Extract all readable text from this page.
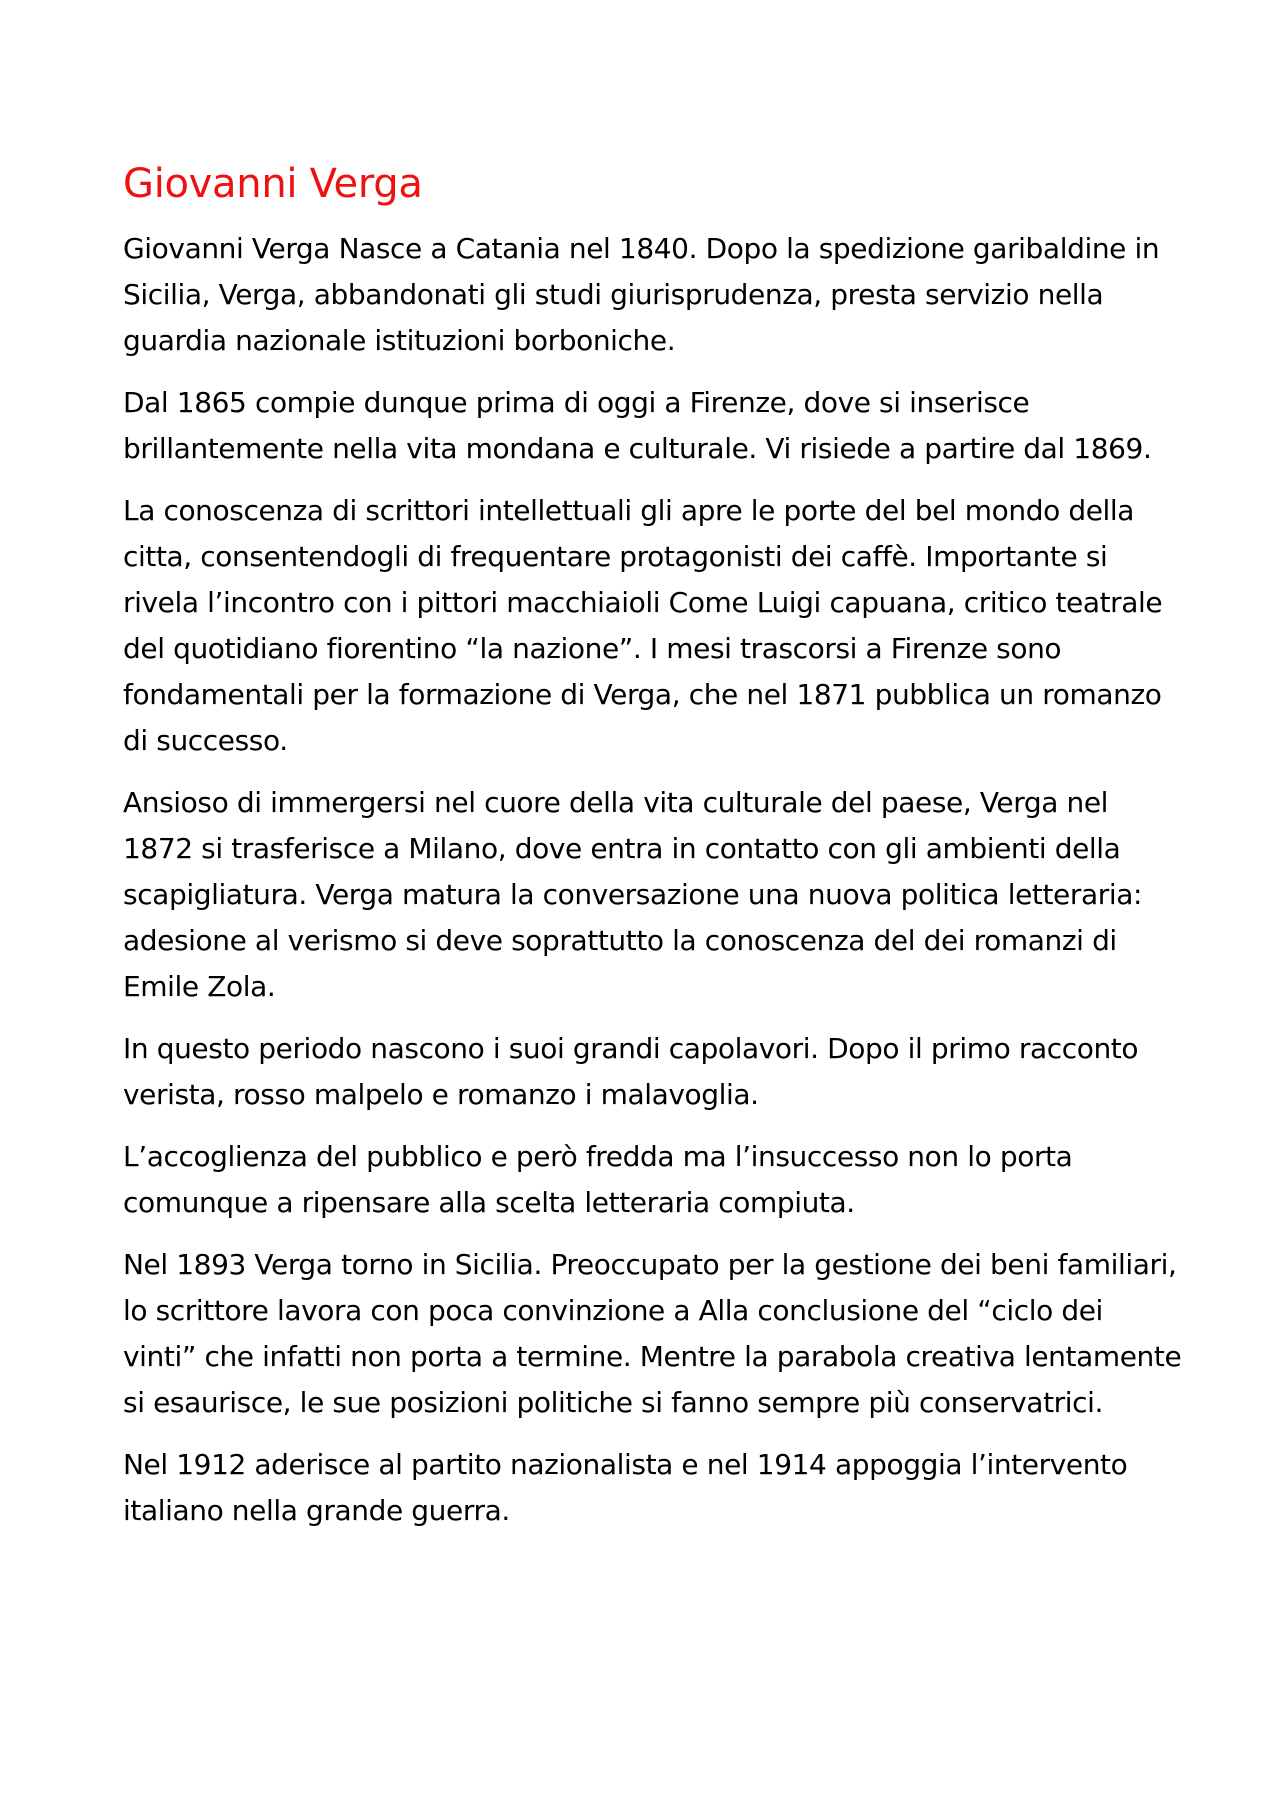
Giovanni Verga

Giovanni Verga Nasce a Catania nel 1840. Dopo la spedizione garibaldine in Sicilia, Verga, abbandonati gli studi giurisprudenza, presta servizio nella guardia nazionale istituzioni borboniche.

Dal 1865 compie dunque prima di oggi a Firenze, dove si inserisce brillantemente nella vita mondana e culturale. Vi risiede a partire dal 1869.

La conoscenza di scrittori intellettuali gli apre le porte del bel mondo della citta, consentendogli di frequentare protagonisti dei caffè. Importante si rivela l’incontro con i pittori macchiaioli Come Luigi capuana, critico teatrale del quotidiano fiorentino “la nazione”. I mesi trascorsi a Firenze sono fondamentali per la formazione di Verga, che nel 1871 pubblica un romanzo di successo.

Ansioso di immergersi nel cuore della vita culturale del paese, Verga nel 1872 si trasferisce a Milano, dove entra in contatto con gli ambienti della scapigliatura. Verga matura la conversazione una nuova politica letteraria: adesione al verismo si deve soprattutto la conoscenza del dei romanzi di Emile Zola.

In questo periodo nascono i suoi grandi capolavori. Dopo il primo racconto verista, rosso malpelo e romanzo i malavoglia.

L’accoglienza del pubblico e però fredda ma l’insuccesso non lo porta comunque a ripensare alla scelta letteraria compiuta.

Nel 1893 Verga torno in Sicilia. Preoccupato per la gestione dei beni familiari, lo scrittore lavora con poca convinzione a Alla conclusione del “ciclo dei vinti” che infatti non porta a termine. Mentre la parabola creativa lentamente si esaurisce, le sue posizioni politiche si fanno sempre più conservatrici.

Nel 1912 aderisce al partito nazionalista e nel 1914 appoggia l’intervento italiano nella grande guerra.
